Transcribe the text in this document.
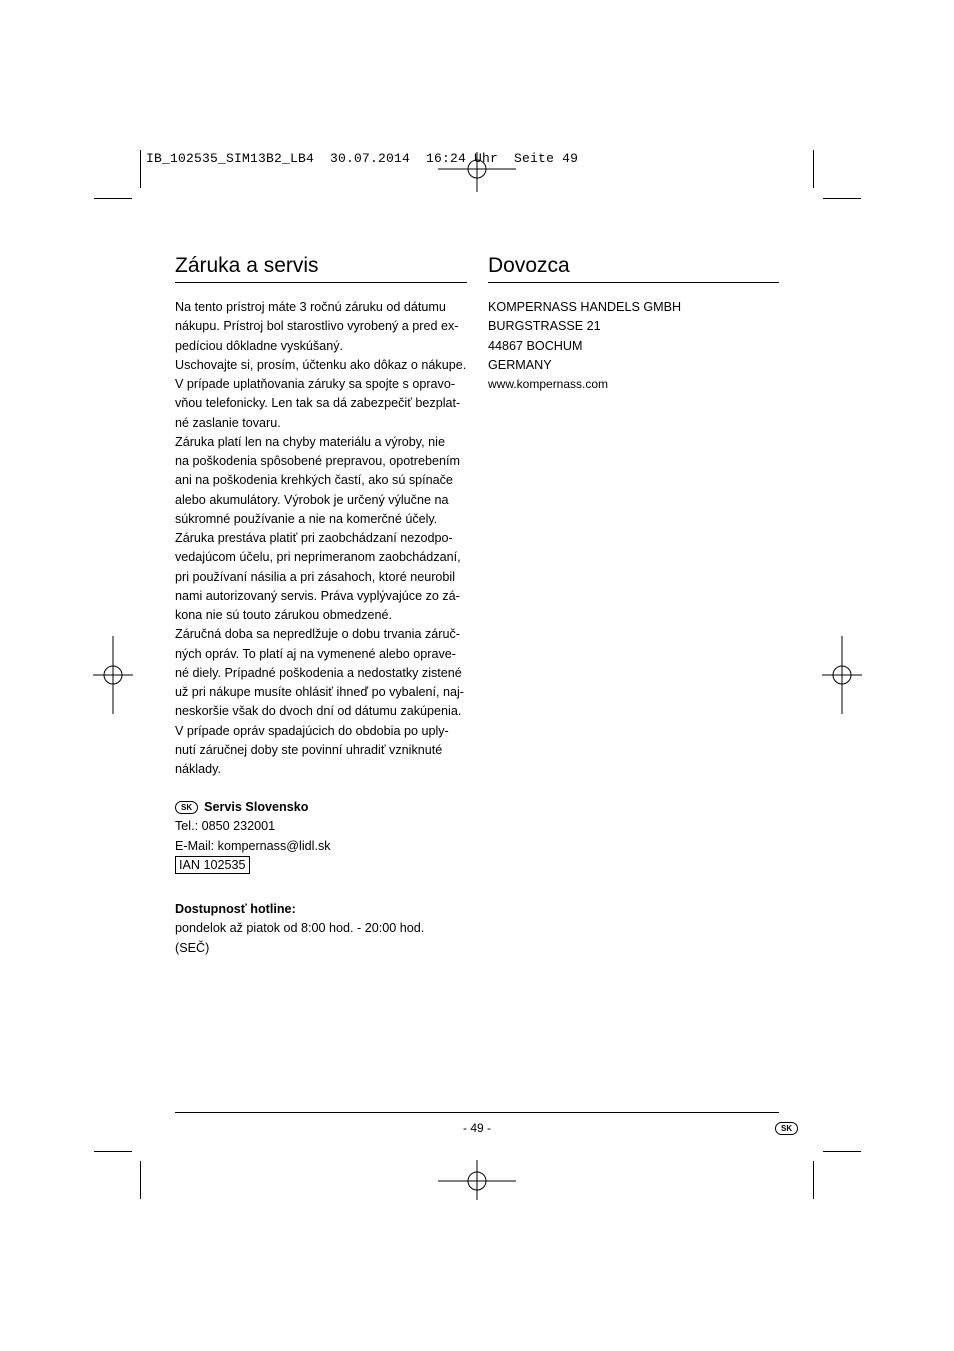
IB_102535_SIM13B2_LB4  30.07.2014  16:24 Uhr  Seite 49
Záruka a servis

Na tento prístroj máte 3 ročnú záruku od dátumu

nákupu. Prístroj bol starostlivo vyrobený a pred ex-

pedíciou dôkladne vyskúšaný.

Uschovajte si, prosím, účtenku ako dôkaz o nákupe.

V prípade uplatňovania záruky sa spojte s opravo-

vňou telefonicky. Len tak sa dá zabezpečiť bezplat-

né zaslanie tovaru.

Záruka platí len na chyby materiálu a výroby, nie

na poškodenia spôsobené prepravou, opotrebením

ani na poškodenia krehkých častí, ako sú spínače

alebo akumulátory. Výrobok je určený výlučne na

súkromné používanie a nie na komerčné účely.

Záruka prestáva platiť pri zaobchádzaní nezodpo-

vedajúcom účelu, pri neprimeranom zaobchádzaní,

pri používaní násilia a pri zásahoch, ktoré neurobil

nami autorizovaný servis. Práva vyplývajúce zo zá-

kona nie sú touto zárukou obmedzené.

Záručná doba sa nepredlžuje o dobu trvania záruč-

ných opráv. To platí aj na vymenené alebo oprave-

né diely. Prípadné poškodenia a nedostatky zistené

už pri nákupe musíte ohlásiť ihneď po vybalení, naj-

neskoršie však do dvoch dní od dátumu zakúpenia.

V prípade opráv spadajúcich do obdobia po uply-

nutí záručnej doby ste povinní uhradiť vzniknuté

náklady.

SK Servis Slovensko
Tel.: 0850 232001
E-Mail: kompernass@lidl.sk
IAN 102535
Dostupnosť hotline:
pondelok až piatok od 8:00 hod. - 20:00 hod.
(SEČ)
Dovozca

KOMPERNASS HANDELS GMBH

BURGSTRASSE 21

44867 BOCHUM

GERMANY

www.kompernass.com

- 49 -	SK
